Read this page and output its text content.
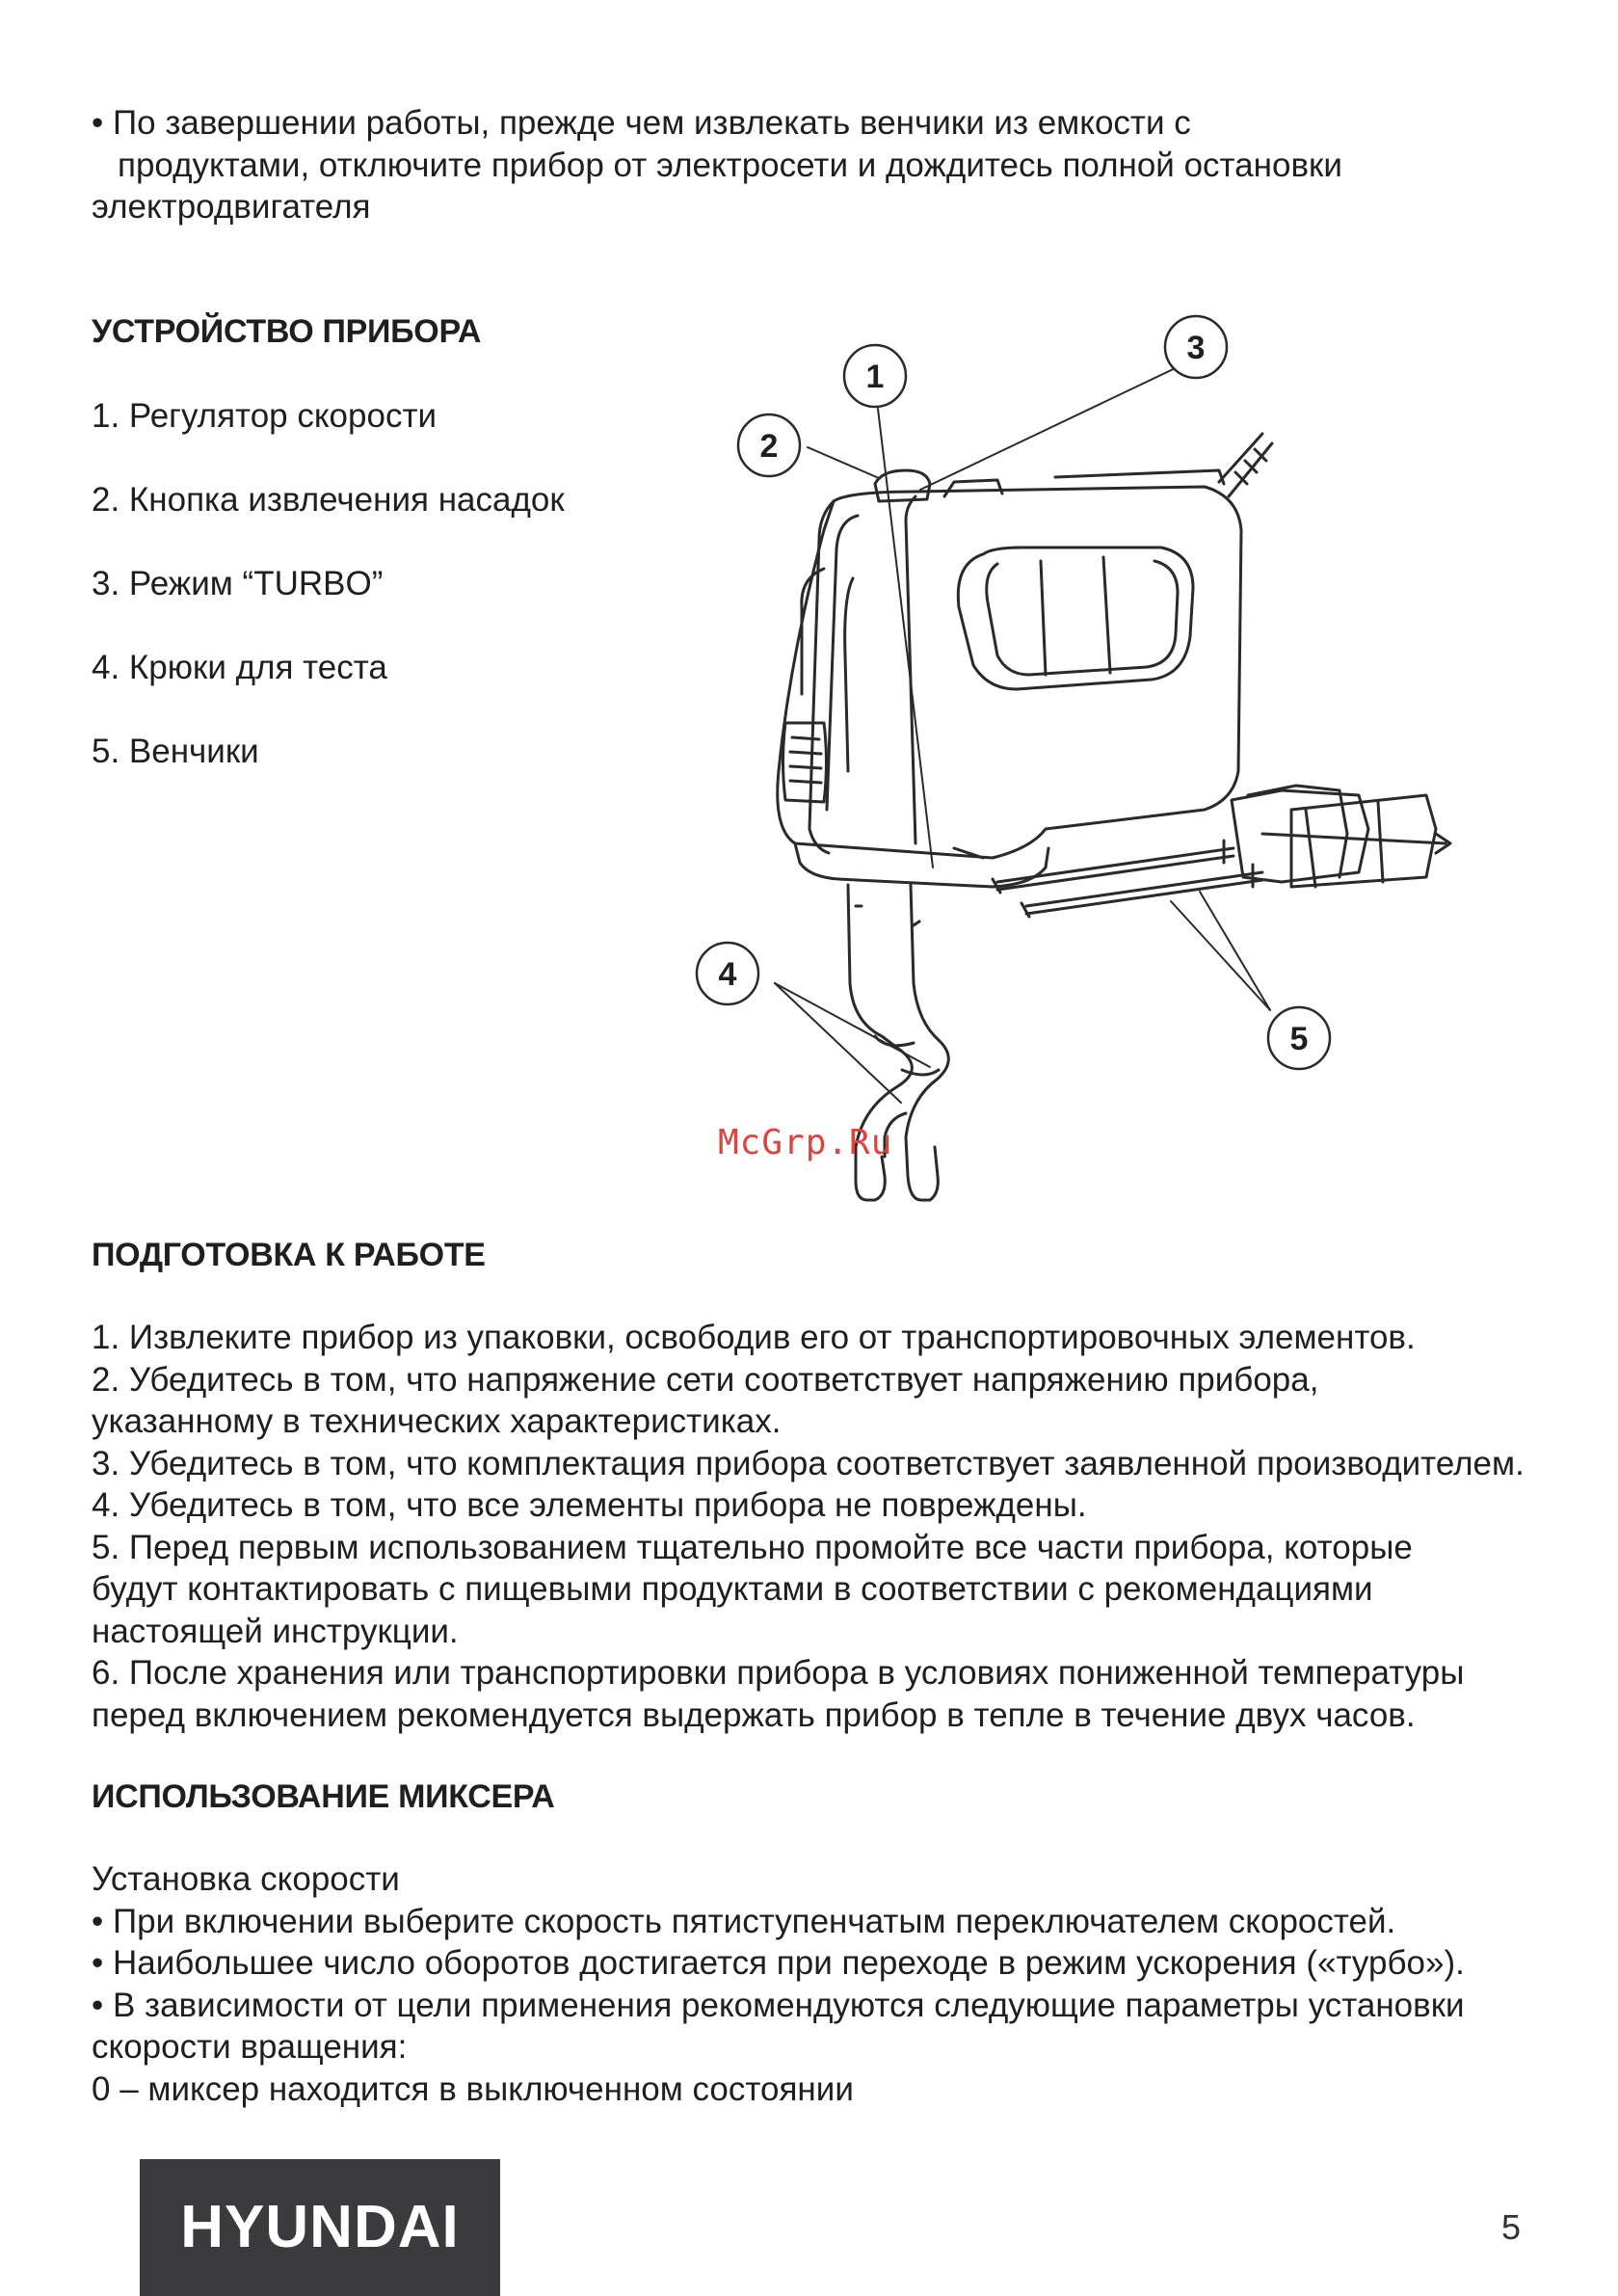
• По завершении работы, прежде чем извлекать венчики из емкости с
продуктами, отключите прибор от электросети и дождитесь полной остановки
электродвигателя
УСТРОЙСТВО ПРИБОРА
1. Регулятор скорости
2. Кнопка извлечения насадок
3. Режим “TURBO”
4. Крюки для теста
5. Венчики
1
2
3
4
5
McGrp.Ru
ПОДГОТОВКА К РАБОТЕ
1. Извлеките прибор из упаковки, освободив его от транспортировочных элементов.
2. Убедитесь в том, что напряжение сети соответствует напряжению прибора,
указанному в технических характеристиках.
3. Убедитесь в том, что комплектация прибора соответствует заявленной производителем.
4. Убедитесь в том, что все элементы прибора не повреждены.
5. Перед первым использованием тщательно промойте все части прибора, которые
будут контактировать с пищевыми продуктами в соответствии с рекомендациями
настоящей инструкции.
6. После хранения или транспортировки прибора в условиях пониженной температуры
перед включением рекомендуется выдержать прибор в тепле в течение двух часов.
ИСПОЛЬЗОВАНИЕ МИКСЕРА
Установка скорости
• При включении выберите скорость пятиступенчатым переключателем скоростей.
• Наибольшее число оборотов достигается при переходе в режим ускорения («турбо»).
• В зависимости от цели применения рекомендуются следующие параметры установки
скорости вращения:
0 – миксер находится в выключенном состоянии
HYUNDAI	5
